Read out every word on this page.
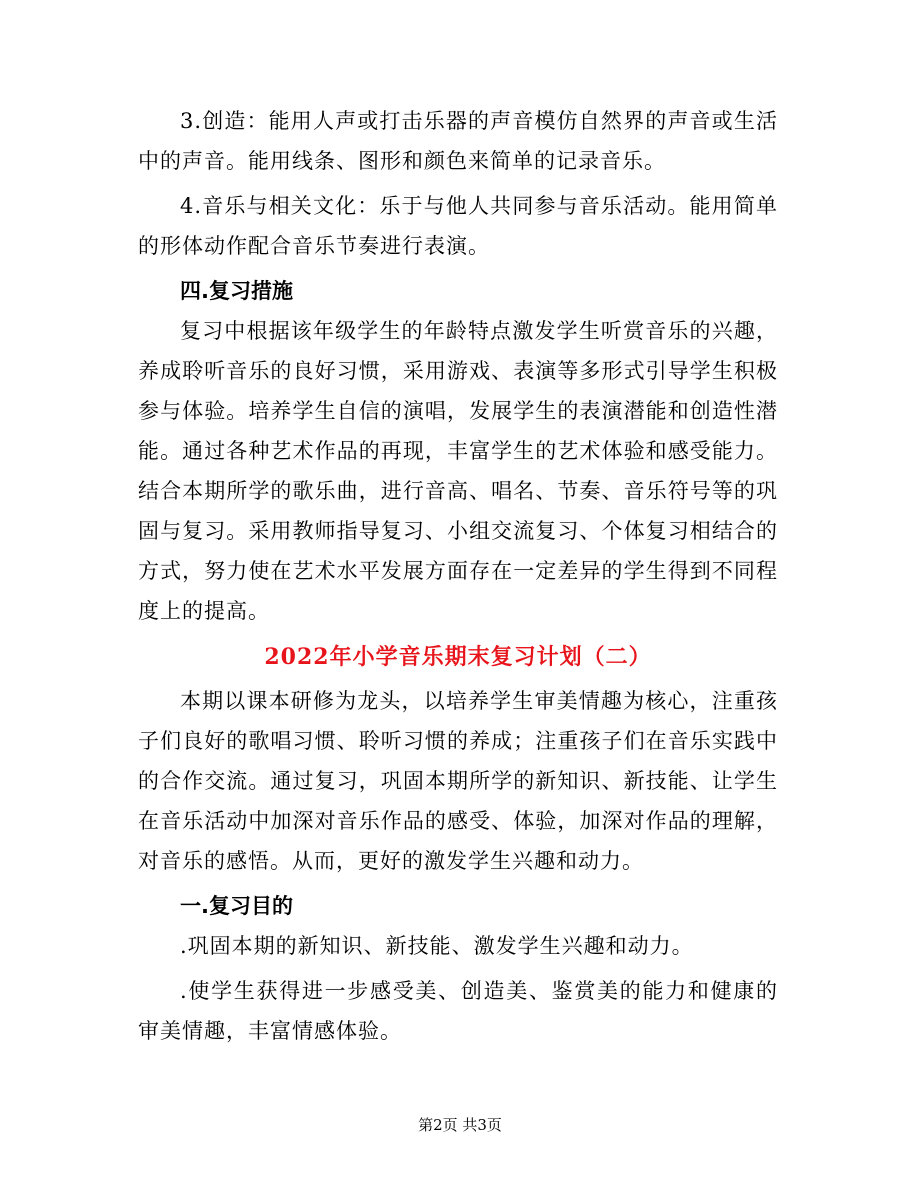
3.创造：能用人声或打击乐器的声音模仿自然界的声音或生活中的声音。能用线条、图形和颜色来简单的记录音乐。

4.音乐与相关文化：乐于与他人共同参与音乐活动。能用简单的形体动作配合音乐节奏进行表演。

四.复习措施

复习中根据该年级学生的年龄特点激发学生听赏音乐的兴趣，养成聆听音乐的良好习惯，采用游戏、表演等多形式引导学生积极参与体验。培养学生自信的演唱，发展学生的表演潜能和创造性潜能。通过各种艺术作品的再现，丰富学生的艺术体验和感受能力。结合本期所学的歌乐曲，进行音高、唱名、节奏、音乐符号等的巩固与复习。采用教师指导复习、小组交流复习、个体复习相结合的方式，努力使在艺术水平发展方面存在一定差异的学生得到不同程度上的提高。

2022年小学音乐期末复习计划（二）

本期以课本研修为龙头，以培养学生审美情趣为核心，注重孩子们良好的歌唱习惯、聆听习惯的养成；注重孩子们在音乐实践中的合作交流。通过复习，巩固本期所学的新知识、新技能、让学生在音乐活动中加深对音乐作品的感受、体验，加深对作品的理解，对音乐的感悟。从而，更好的激发学生兴趣和动力。

一.复习目的

.巩固本期的新知识、新技能、激发学生兴趣和动力。

.使学生获得进一步感受美、创造美、鉴赏美的能力和健康的审美情趣，丰富情感体验。

第2页 共3页
